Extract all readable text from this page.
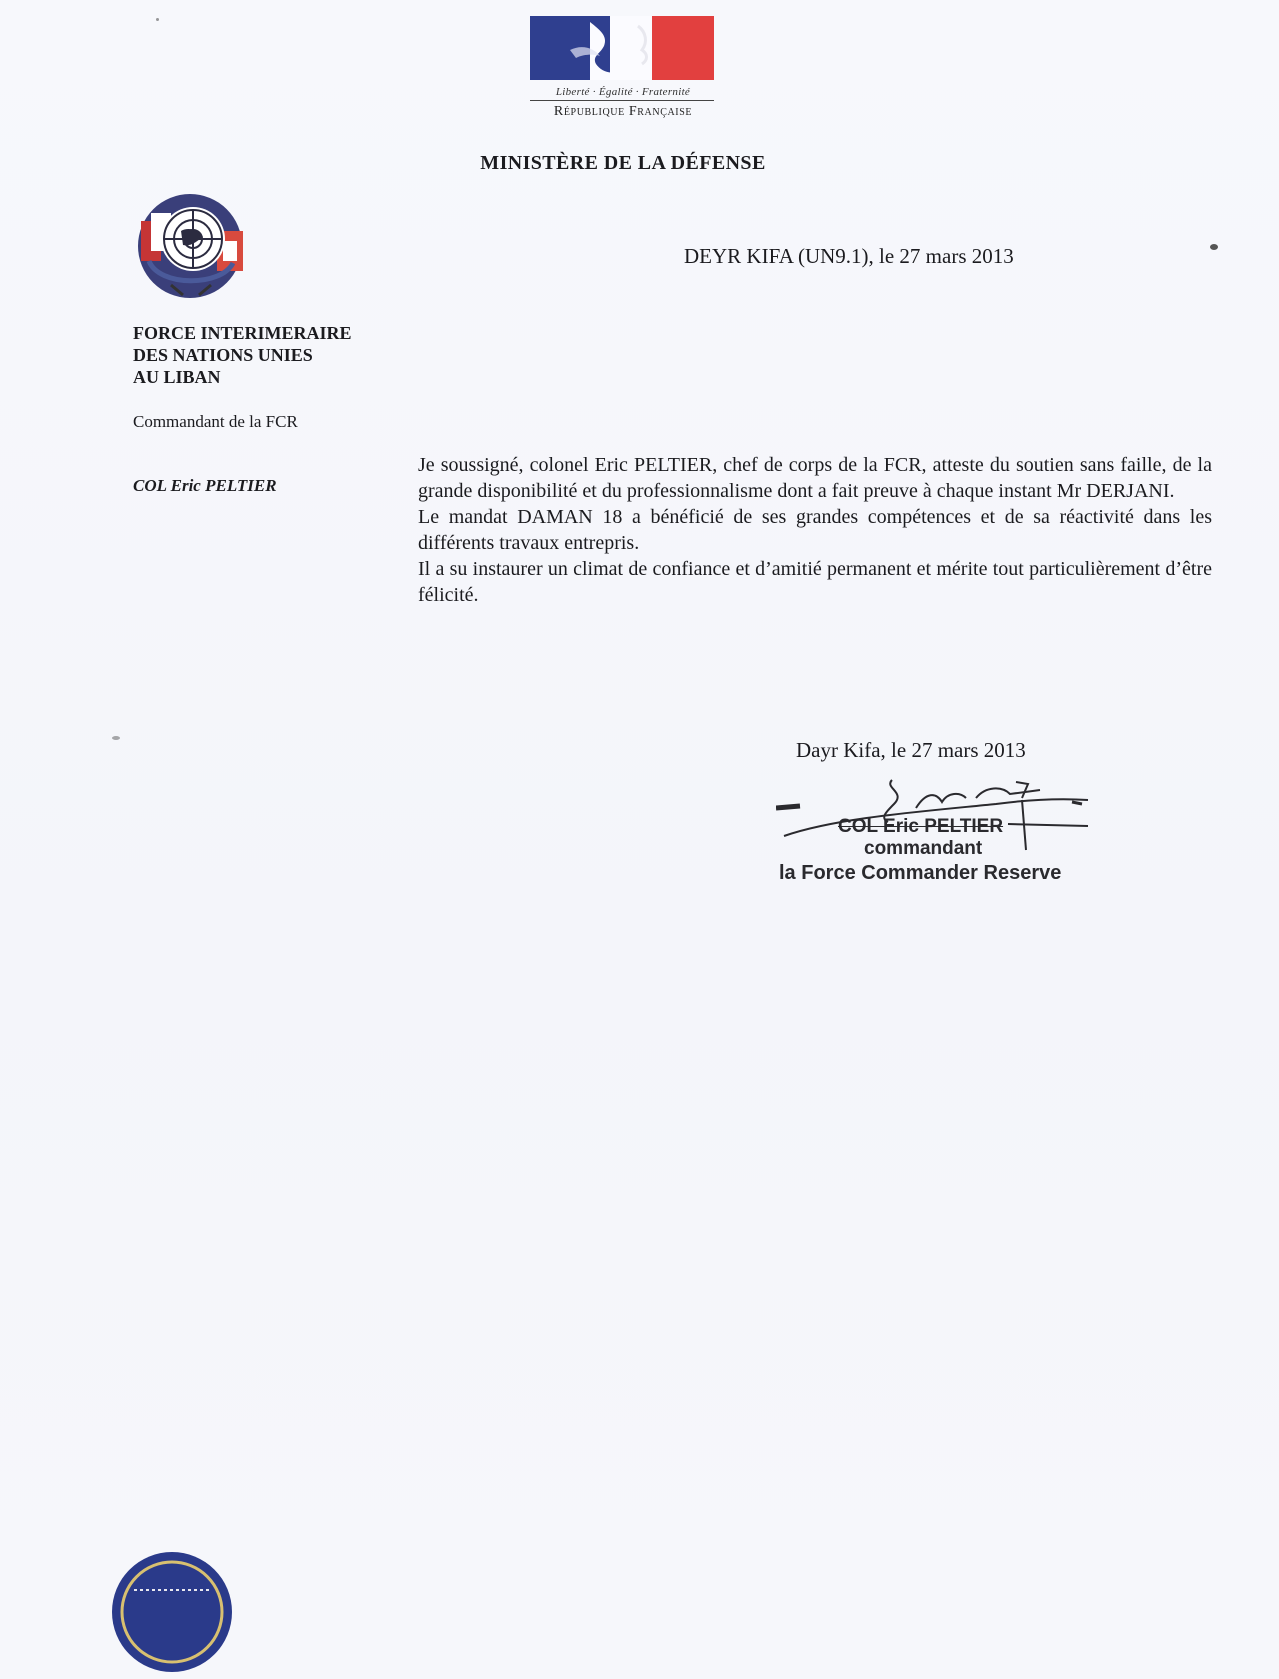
Liberté · Égalité · Fraternité
République Française
MINISTÈRE DE LA DÉFENSE
FORCE INTERIMERAIRE
DES NATIONS UNIES
AU LIBAN
Commandant de la FCR
COL Eric PELTIER
DEYR KIFA (UN9.1), le 27 mars 2013

Je soussigné, colonel Eric PELTIER, chef de corps de la FCR, atteste du soutien sans faille, de la grande disponibilité et du professionnalisme dont a fait preuve à chaque instant Mr DERJANI.

Le mandat DAMAN 18 a bénéficié de ses grandes compétences et de sa réactivité dans les différents travaux entrepris.

Il a su instaurer un climat de confiance et d’amitié permanent et mérite tout particulièrement d’être félicité.

Dayr Kifa, le 27 mars 2013
COL Eric PELTIER
commandant
la Force Commander Reserve
